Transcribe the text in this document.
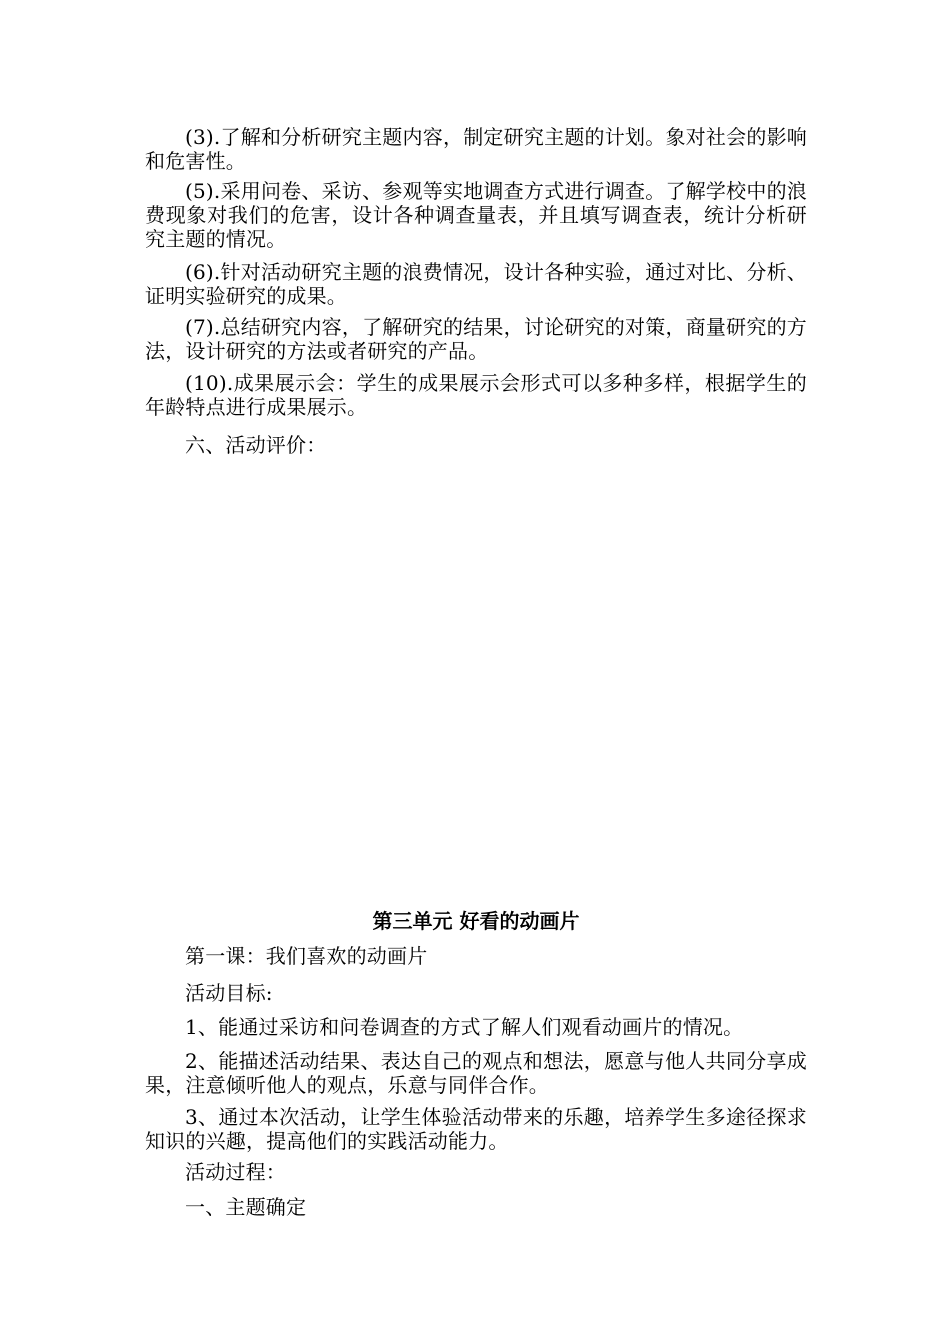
(3).了解和分析研究主题内容，制定研究主题的计划。象对社会的影响和危害性。

(5).采用问卷、采访、参观等实地调查方式进行调查。了解学校中的浪费现象对我们的危害，设计各种调查量表，并且填写调查表，统计分析研究主题的情况。

(6).针对活动研究主题的浪费情况，设计各种实验，通过对比、分析、证明实验研究的成果。

(7).总结研究内容，了解研究的结果，讨论研究的对策，商量研究的方法，设计研究的方法或者研究的产品。

(10).成果展示会：学生的成果展示会形式可以多种多样，根据学生的年龄特点进行成果展示。

六、活动评价：

第三单元 好看的动画片

第一课：我们喜欢的动画片

活动目标:

1、能通过采访和问卷调查的方式了解人们观看动画片的情况。

2、能描述活动结果、表达自己的观点和想法，愿意与他人共同分享成果，注意倾听他人的观点，乐意与同伴合作。

3、通过本次活动，让学生体验活动带来的乐趣，培养学生多途径探求知识的兴趣，提高他们的实践活动能力。

活动过程：

一、主题确定
